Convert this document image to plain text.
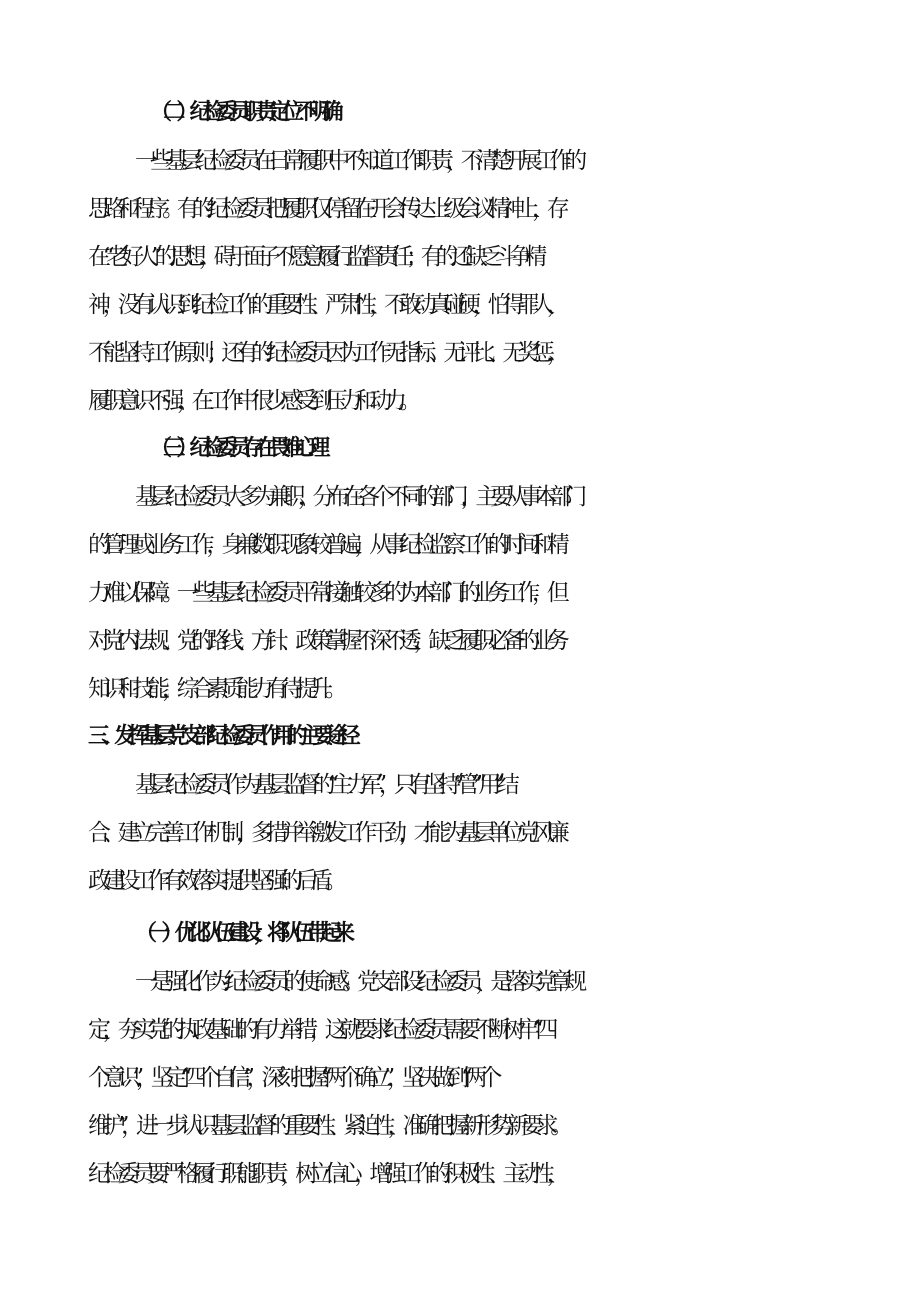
（二）纪检委员职责定位不明确

一些基层纪检委员在日常履职中不知道工作职责，不清楚开展工作的

思路和程序。有的纪检委员把履职仅停留在开会传达上级会议精神上，存

在“老好人”的思想，碍于面子不愿意履行监督责任；有的还缺乏斗争精

神，没有认识到纪检工作的重要性、严肃性，不敢动真碰硬，怕得罪人，

不能坚持工作原则；还有的纪检委员因为工作无指标、无评比、无奖惩，

履职意识不强，在工作中很少感受到压力和动力。

（三）纪检委员存在畏难心理

基层纪检委员大多为兼职，分布在各个不同的部门，主要从事本部门

的管理或业务工作，身兼数职现象较普遍，从事纪检监察工作的时间和精

力难以保障。一些基层纪检委员平常接触较多的为本部门的业务工作，但

对党内法规、党的路线、方针、政策掌握不深不透，缺乏履职必备的业务

知识和技能，综合素质能力有待提升。

三、发挥基层党支部纪检委员作用的主要途径

基层纪检委员作为基层监督的“主力军”，只有坚持“管”“用”结

合、建立完善工作机制，多措并举激发工作干劲，才能为基层单位党风廉

政建设工作有效落实提供坚强的后盾。

（一）优化队伍建设，将队伍带起来

一是强化作为纪检委员的使命感。党支部设纪检委员，是落实党章规

定，夯实党的执政基础的有力举措，这就要求纪检委员需要不断树牢“四

个意识”，坚定“四个自信”，深刻把握“两个确立”，坚决做到“两个

维护”，进一步认识基层监督的重要性、紧迫性，准确把握新形势新要求。

纪检委员要严格履行职能职责，树立信心，增强工作的积极性、主动性，
